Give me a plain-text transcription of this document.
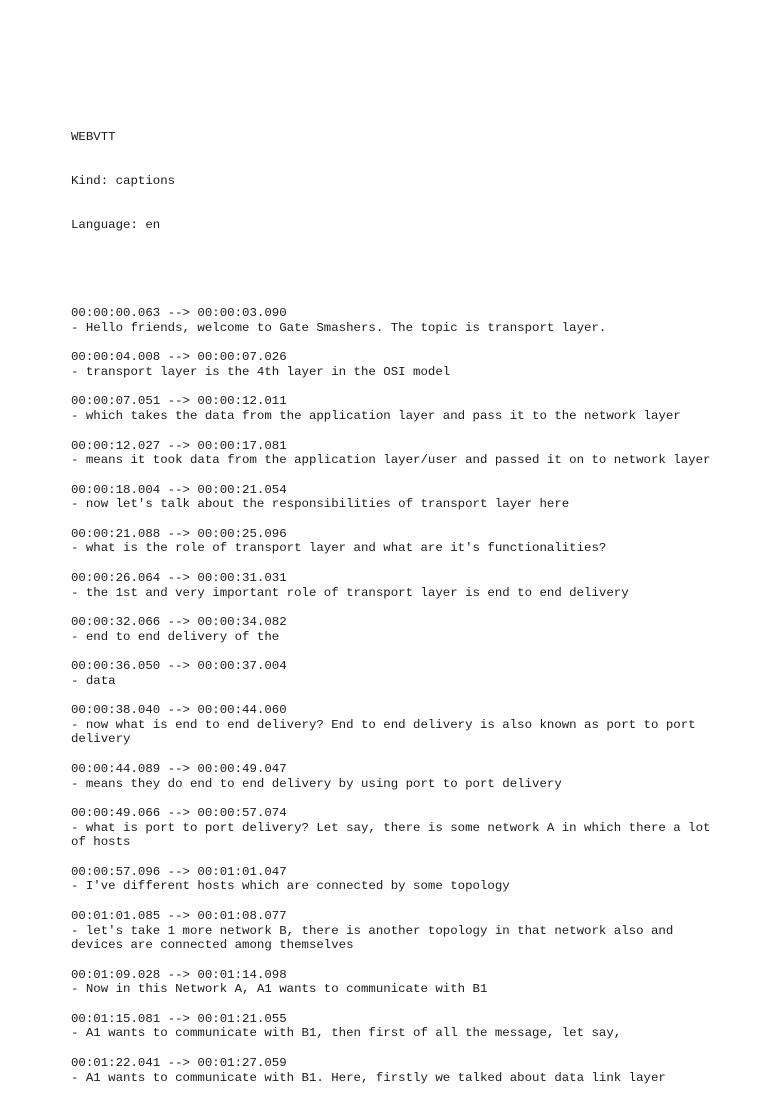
WEBVTT

Kind: captions

Language: en

00:00:00.063 --> 00:00:03.090
- Hello friends, welcome to Gate Smashers. The topic is transport layer.
00:00:04.008 --> 00:00:07.026
- transport layer is the 4th layer in the OSI model
00:00:07.051 --> 00:00:12.011
- which takes the data from the application layer and pass it to the network layer
00:00:12.027 --> 00:00:17.081
- means it took data from the application layer/user and passed it on to network layer
00:00:18.004 --> 00:00:21.054
- now let's talk about the responsibilities of transport layer here
00:00:21.088 --> 00:00:25.096
- what is the role of transport layer and what are it's functionalities?
00:00:26.064 --> 00:00:31.031
- the 1st and very important role of transport layer is end to end delivery
00:00:32.066 --> 00:00:34.082
- end to end delivery of the
00:00:36.050 --> 00:00:37.004
- data
00:00:38.040 --> 00:00:44.060
- now what is end to end delivery? End to end delivery is also known as port to port delivery
00:00:44.089 --> 00:00:49.047
- means they do end to end delivery by using port to port delivery
00:00:49.066 --> 00:00:57.074
- what is port to port delivery? Let say, there is some network A in which there a lot of hosts
00:00:57.096 --> 00:01:01.047
- I've different hosts which are connected by some topology
00:01:01.085 --> 00:01:08.077
- let's take 1 more network B, there is another topology in that network also and devices are connected among themselves
00:01:09.028 --> 00:01:14.098
- Now in this Network A, A1 wants to communicate with B1
00:01:15.081 --> 00:01:21.055
- A1 wants to communicate with B1, then first of all the message, let say,
00:01:22.041 --> 00:01:27.059
- A1 wants to communicate with B1. Here, firstly we talked about data link layer
